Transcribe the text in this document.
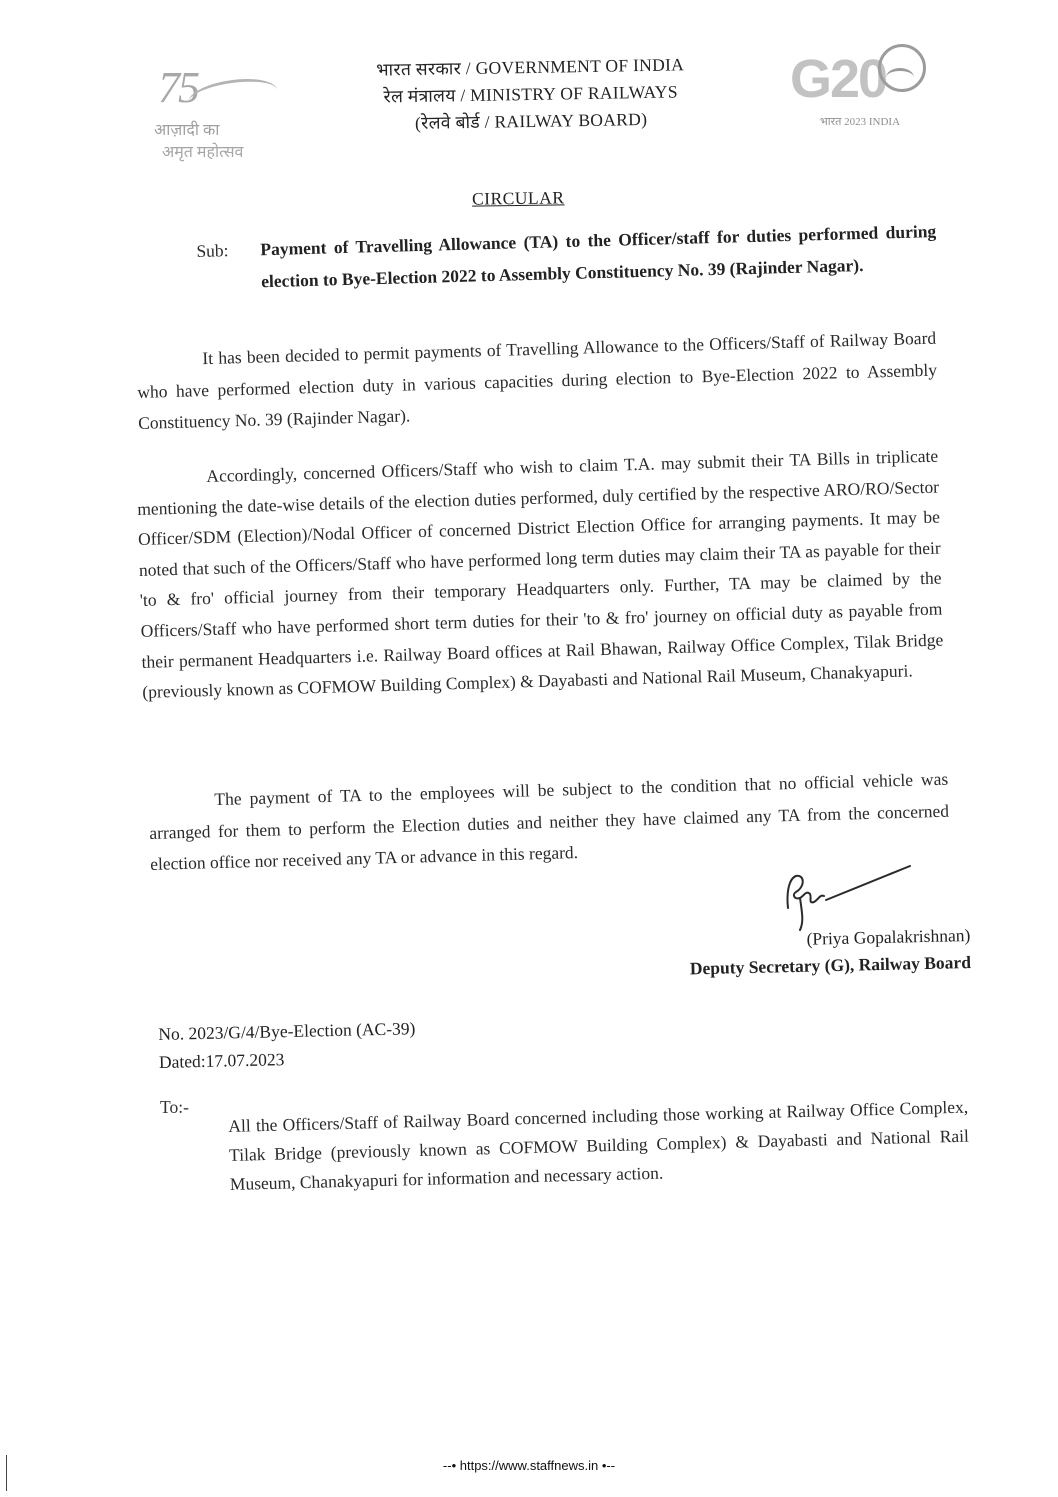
75
आज़ादी का
अमृत महोत्सव
भारत सरकार / GOVERNMENT OF INDIA
रेल मंत्रालय / MINISTRY OF RAILWAYS
(रेलवे बोर्ड / RAILWAY BOARD)
G20
भारत 2023 INDIA
CIRCULAR
Sub: Payment of Travelling Allowance (TA) to the Officer/staff for duties performed during election to Bye-Election 2022 to Assembly Constituency No. 39 (Rajinder Nagar).
It has been decided to permit payments of Travelling Allowance to the Officers/Staff of Railway Board who have performed election duty in various capacities during election to Bye-Election 2022 to Assembly Constituency No. 39 (Rajinder Nagar).
Accordingly, concerned Officers/Staff who wish to claim T.A. may submit their TA Bills in triplicate mentioning the date-wise details of the election duties performed, duly certified by the respective ARO/RO/Sector Officer/SDM (Election)/Nodal Officer of concerned District Election Office for arranging payments. It may be noted that such of the Officers/Staff who have performed long term duties may claim their TA as payable for their 'to & fro' official journey from their temporary Headquarters only. Further, TA may be claimed by the Officers/Staff who have performed short term duties for their 'to & fro' journey on official duty as payable from their permanent Headquarters i.e. Railway Board offices at Rail Bhawan, Railway Office Complex, Tilak Bridge (previously known as COFMOW Building Complex) & Dayabasti and National Rail Museum, Chanakyapuri.
The payment of TA to the employees will be subject to the condition that no official vehicle was arranged for them to perform the Election duties and neither they have claimed any TA from the concerned election office nor received any TA or advance in this regard.
(Priya Gopalakrishnan)
Deputy Secretary (G), Railway Board
No. 2023/G/4/Bye-Election (AC-39)
Dated:17.07.2023
To:- All the Officers/Staff of Railway Board concerned including those working at Railway Office Complex, Tilak Bridge (previously known as COFMOW Building Complex) & Dayabasti and National Rail Museum, Chanakyapuri for information and necessary action.
--• https://www.staffnews.in •--
